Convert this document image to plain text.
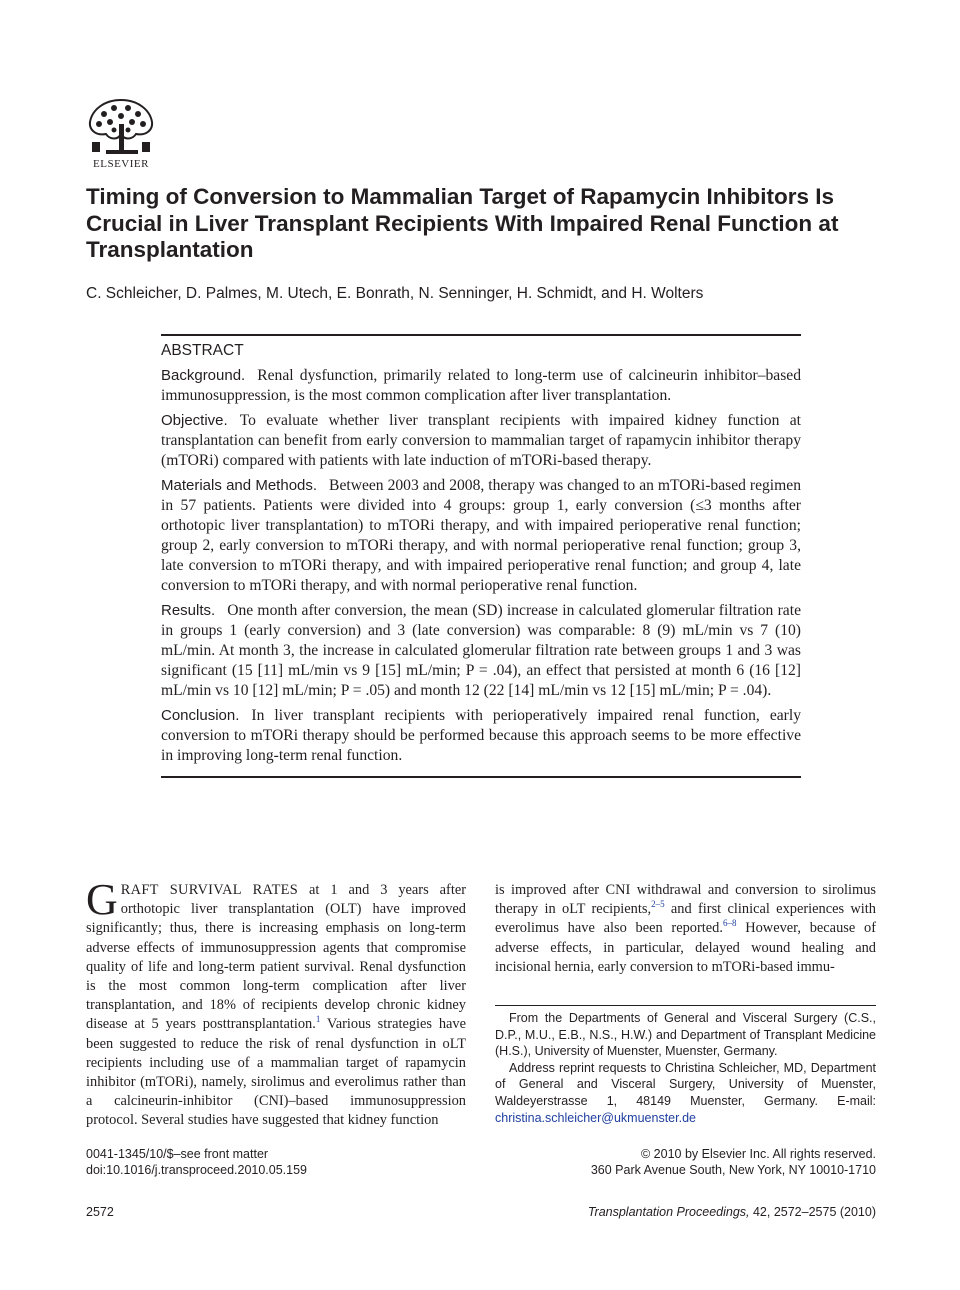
ELSEVIER
Timing of Conversion to Mammalian Target of Rapamycin Inhibitors Is Crucial in Liver Transplant Recipients With Impaired Renal Function at Transplantation

C. Schleicher, D. Palmes, M. Utech, E. Bonrath, N. Senninger, H. Schmidt, and H. Wolters

ABSTRACT

Background. Renal dysfunction, primarily related to long-term use of calcineurin inhibitor–based immunosuppression, is the most common complication after liver transplantation.

Objective. To evaluate whether liver transplant recipients with impaired kidney function at transplantation can benefit from early conversion to mammalian target of rapamycin inhibitor therapy (mTORi) compared with patients with late induction of mTORi-based therapy.

Materials and Methods. Between 2003 and 2008, therapy was changed to an mTORi-based regimen in 57 patients. Patients were divided into 4 groups: group 1, early conversion (≤3 months after orthotopic liver transplantation) to mTORi therapy, and with impaired perioperative renal function; group 2, early conversion to mTORi therapy, and with normal perioperative renal function; group 3, late conversion to mTORi therapy, and with impaired perioperative renal function; and group 4, late conversion to mTORi therapy, and with normal perioperative renal function.

Results. One month after conversion, the mean (SD) increase in calculated glomerular filtration rate in groups 1 (early conversion) and 3 (late conversion) was comparable: 8 (9) mL/min vs 7 (10) mL/min. At month 3, the increase in calculated glomerular filtration rate between groups 1 and 3 was significant (15 [11] mL/min vs 9 [15] mL/min; P = .04), an effect that persisted at month 6 (16 [12] mL/min vs 10 [12] mL/min; P = .05) and month 12 (22 [14] mL/min vs 12 [15] mL/min; P = .04).

Conclusion. In liver transplant recipients with perioperatively impaired renal function, early conversion to mTORi therapy should be performed because this approach seems to be more effective in improving long-term renal function.

GRAFT SURVIVAL RATES at 1 and 3 years after orthotopic liver transplantation (OLT) have improved significantly; thus, there is increasing emphasis on long-term adverse effects of immunosuppression agents that compromise quality of life and long-term patient survival. Renal dysfunction is the most common long-term complication after liver transplantation, and 18% of recipients develop chronic kidney disease at 5 years posttransplantation.$^1$ Various strategies have been suggested to reduce the risk of renal dysfunction in oLT recipients including use of a mammalian target of rapamycin inhibitor (mTORi), namely, sirolimus and everolimus rather than a calcineurin-inhibitor (CNI)–based immunosuppression protocol. Several studies have suggested that kidney function

is improved after CNI withdrawal and conversion to sirolimus therapy in oLT recipients,$^{2-5}$ and first clinical experiences with everolimus have also been reported.$^{6-8}$ However, because of adverse effects, in particular, delayed wound healing and incisional hernia, early conversion to mTORi-based immu-

From the Departments of General and Visceral Surgery (C.S., D.P., M.U., E.B., N.S., H.W.) and Department of Transplant Medicine (H.S.), University of Muenster, Muenster, Germany.

Address reprint requests to Christina Schleicher, MD, Department of General and Visceral Surgery, University of Muenster, Waldeyerstrasse 1, 48149 Muenster, Germany. E-mail: christina.schleicher@ukmuenster.de

0041-1345/10/$–see front matter
doi:10.1016/j.transproceed.2010.05.159
© 2010 by Elsevier Inc. All rights reserved.
360 Park Avenue South, New York, NY 10010-1710
2572	Transplantation Proceedings, 42, 2572–2575 (2010)
